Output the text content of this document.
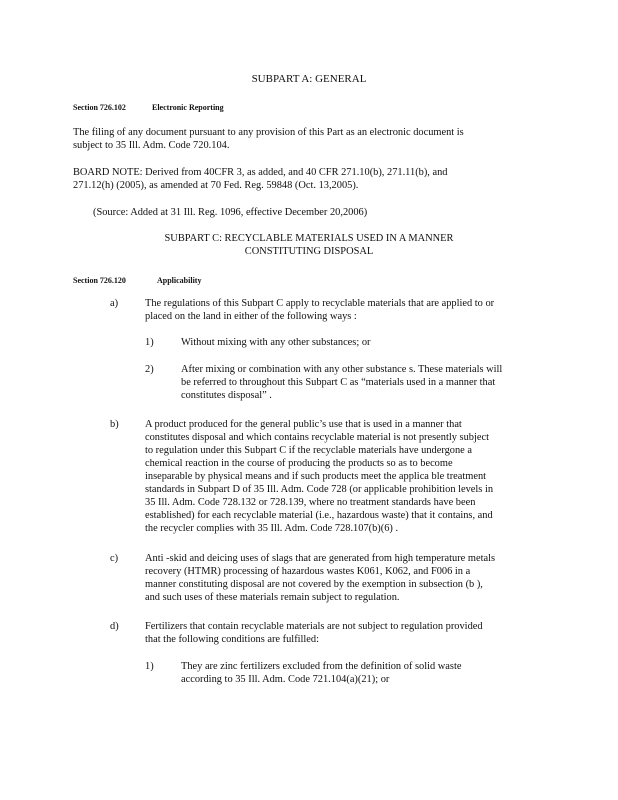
SUBPART A: GENERAL
Section 726.102	Electronic Reporting
The filing of any document pursuant to any provision of this Part as an electronic document is
subject to 35 Ill. Adm. Code 720.104.
BOARD NOTE: Derived from 40CFR 3, as added, and 40 CFR 271.10(b), 271.11(b), and
271.12(h) (2005), as amended at 70 Fed. Reg. 59848 (Oct. 13,2005).
(Source: Added at 31 Ill. Reg. 1096, effective December 20,2006)
SUBPART C: RECYCLABLE MATERIALS USED IN A MANNER
CONSTITUTING DISPOSAL
Section 726.120	Applicability
a)	The regulations of this Subpart C apply to recyclable materials that are applied to or
placed on the land in either of the following ways :
1)	Without mixing with any other substances; or
2)	After mixing or combination with any other substance s. These materials will
be referred to throughout this Subpart C as “materials used in a manner that
constitutes disposal” .
b)	A product produced for the general public’s use that is used in a manner that
constitutes disposal and which contains recyclable material is not presently subject
to regulation under this Subpart C if the recyclable materials have undergone a
chemical reaction in the course of producing the products so as to become
inseparable by physical means and if such products meet the applica ble treatment
standards in Subpart D of 35 Ill. Adm. Code 728 (or applicable prohibition levels in
35 Ill. Adm. Code 728.132 or 728.139, where no treatment standards have been
established) for each recyclable material (i.e., hazardous waste) that it contains, and
the recycler complies with 35 Ill. Adm. Code 728.107(b)(6) .
c)	Anti -skid and deicing uses of slags that are generated from high temperature metals
recovery (HTMR) processing of hazardous wastes K061, K062, and F006 in a
manner constituting disposal are not covered by the exemption in subsection (b ),
and such uses of these materials remain subject to regulation.
d)	Fertilizers that contain recyclable materials are not subject to regulation provided
that the following conditions are fulfilled:
1)	They are zinc fertilizers excluded from the definition of solid waste
according to 35 Ill. Adm. Code 721.104(a)(21); or
